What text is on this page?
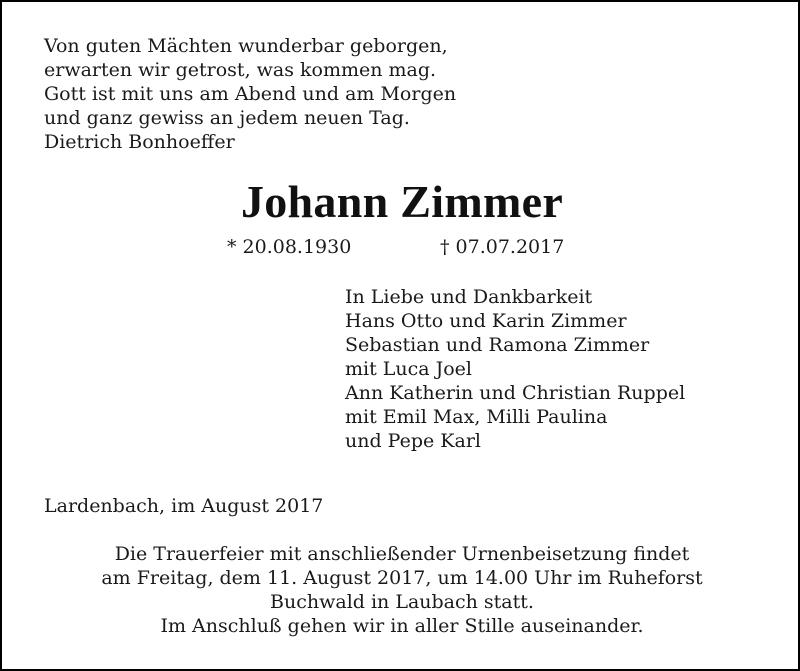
Von guten Mächten wunderbar geborgen,
erwarten wir getrost, was kommen mag.
Gott ist mit uns am Abend und am Morgen
und ganz gewiss an jedem neuen Tag.
Dietrich Bonhoeffer
Johann Zimmer
* 20.08.1930	† 07.07.2017
In Liebe und Dankbarkeit
Hans Otto und Karin Zimmer
Sebastian und Ramona Zimmer
mit Luca Joel
Ann Katherin und Christian Ruppel
mit Emil Max, Milli Paulina
und Pepe Karl
Lardenbach, im August 2017
Die Trauerfeier mit anschließender Urnenbeisetzung findet
am Freitag, dem 11. August 2017, um 14.00 Uhr im Ruheforst
Buchwald in Laubach statt.
Im Anschluß gehen wir in aller Stille auseinander.
